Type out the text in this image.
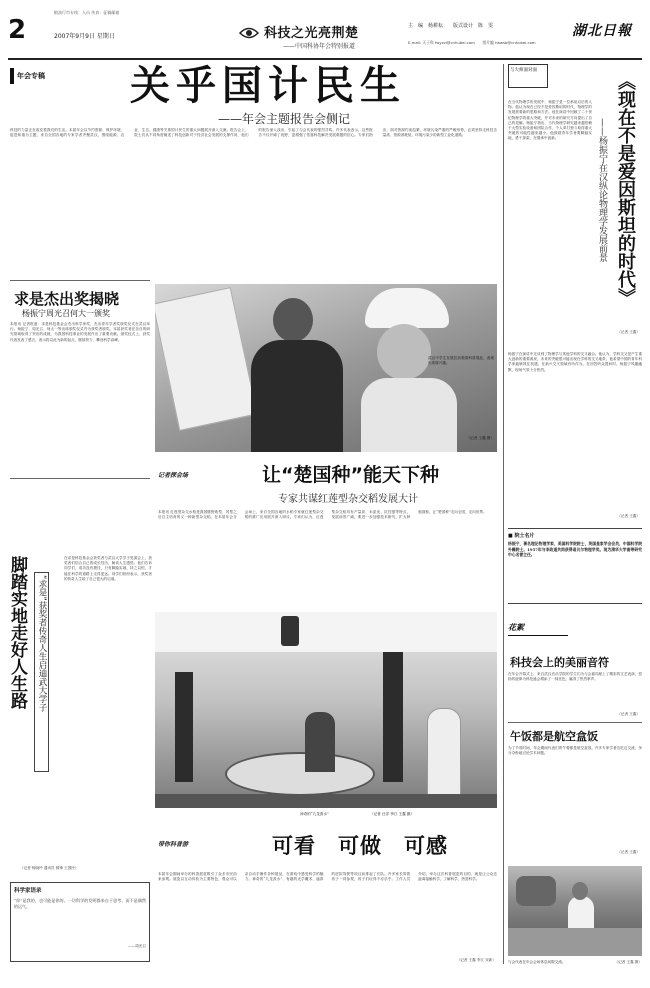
2
粮油行市专线：人员 传真：征稿邮箱
2007年9月9日 星期日	科技之光亮荆楚
——中国科协年会特别报道
主　编　杨耕耘　　版式设计　陈　雯
E-mail: 天子科 fwyzzl@cnhubei.com　　图片编 hbwsb@cnhubei.com
湖北日報
年会专稿	关乎国计民生
——年会主题报告会侧记
科技的力量正在改变着我们的生活。本届年会以节约资源、保护环境、促进和谐为主题，来自全国各地的专家学者齐聚武汉，围绕能源、农业、生态、健康等关系国计民生的重大问题展开深入交流。报告会上，院士们从不同角度阐述了科技创新对于经济社会发展的支撑作用，他们的报告深入浅出，引起了与会代表的强烈共鸣。许多代表表示，这些报告不仅开阔了视野，更增强了依靠科技解决发展难题的信心。专家们指出，面对资源约束趋紧、环境污染严重的严峻形势，必须坚持走科技含量高、资源消耗低、环境污染少的新型工业化道路。
与大师面对面
《现在不是爱因斯坦的时代》
——杨振宁在汉纵论物理学发展前景
在当代物理学的发展中，杨振宁是一位承前启后的人物。他认为现在已经不是爱因斯坦的时代，物理学的发展需要新的思路和方法。他在演讲中回顾了二十世纪物理学的重大突破，并对未来的研究方向提出了自己的见解。杨振宁指出，当代物理学研究越来越依赖于大型实验设备和团队合作，个人单打独斗取得重大突破的可能性越来越小。他鼓励青年学者要脚踏实地，勇于探索，在继承中创新。
（记者 王鑫）
杨振宁在演讲中还谈到了物理学与其他学科的交叉融合。他认为，学科交叉是产生重大创新的重要源泉，未来的突破很可能出现在学科的交叉地带。他希望中国的青年科学家能够抓住机遇，在新兴交叉领域有所作为。在回答听众提问时，杨振宁风趣幽默，现场气氛十分热烈。
（记者 王鑫）
■ 院士名片
杨振宁，著名理论物理学家，美国科学院院士，英国皇家学会会员，中国科学院外籍院士。1957年与李政道共同获得诺贝尔物理学奖。现为清华大学高等研究中心名誉主任。
花絮
科技会上的美丽音符
在年会开幕式上，来自武汉音乐学院的学生们为与会嘉宾献上了精彩的文艺表演，悠扬的旋律为科技盛会增添了一抹亮色，赢得了热烈掌声。
（记者 王鑫）
午饭都是航空盒饭
为了节省时间，年会期间代表们的午餐都是航空盒饭。许多专家学者边吃边交流，争分夺秒地讨论学术问题。
（记者 王鑫）
与会代表在年会会场休息间隙交流。	（记者 王鑫 摄）
求是杰出奖揭晓
杨振宁周光召何大一颁奖
本报讯 记者报道：求是科技基金会杰出科学家奖、杰出青年学者奖颁奖仪式在武汉举行。杨振宁、周光召、何大一等出席颁奖仪式并为获奖者颁奖。本届获奖者在各自的研究领域取得了突出的成就，为我国科技事业的发展作出了重要贡献。颁奖仪式上，获奖代表发表了感言，表示将以此为新的起点，继续努力，攀登科学高峰。
武汉中学生在展位前观看科普展品，表现出浓厚兴趣。
（记者 王鑫 摄）
记者探会场	让“楚国种”能天下种
专家共谋红莲型杂交稻发展大计
本报讯 红莲型杂交水稻是我国继野败型、冈型之后自主培育的又一种新型杂交稻。在本届年会分会场上，来自全国各地的水稻专家就红莲型杂交稻的推广应用展开深入研讨。专家们认为，红莲型杂交稻具有产量高、米质优、抗性强等特点，发展前景广阔。要进一步加强技术研究，扩大种植面积，让“楚国种”走向全国，走向世界。
脚踏实地走好人生路	“求是”获奖者传奇人生启迪武大学子
在求是科技基金会获奖者与武汉大学学子见面会上，获奖者们结合自己的成长经历，畅谈人生感悟。他们告诉同学们，成功没有捷径，只有脚踏实地、持之以恒，才能在科学的道路上走得更远。同学们纷纷表示，获奖者的传奇人生给了自己很大的启迪。
（记者 杨晓玲 通讯员 薛锋 王国民）
科学家语录
“你”是我的，也可能是你的。一切科学的发明都来自于思考，而不是偶然的运气。
——周光召
神奇的“九龙汲水”	（记者 汪洋 李江 王鑫 摄）
带你科普游	可看　可做　可感
本届年会期间举办的科普展览吸引了众多市民前来参观。展览以互动体验为主要特色，观众可以亲自动手操作各种展品，在游戏中感受科学的魅力。神奇的“九龙汲水”、有趣的光学魔术、逼真的虚拟驾驶等项目前排起了长队。许多家长带着孩子一同参观，孩子们玩得不亦乐乎。工作人员介绍，举办这次科普展览的目的，就是让公众近距离接触科学，了解科学，热爱科学。
（记者 王鑫 李江 宋新）
